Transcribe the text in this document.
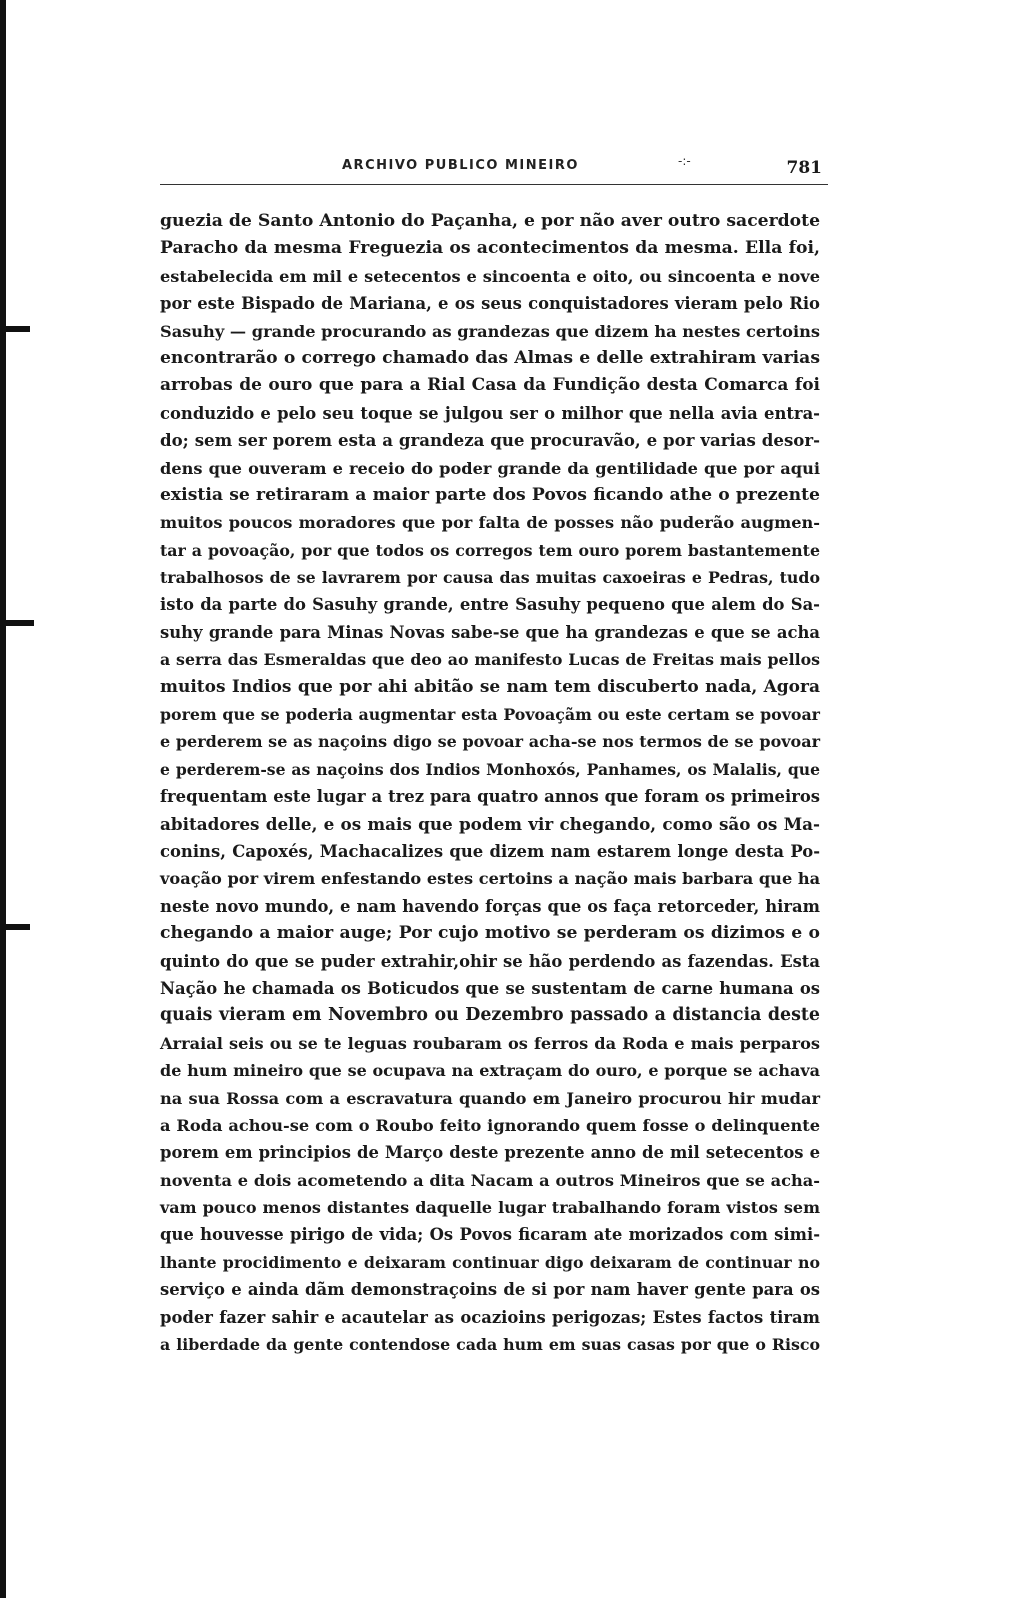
ARCHIVO PUBLICO MINEIRO	-:-	781
guezia de Santo Antonio do Paçanha, e por não aver outro sacerdote
Paracho da mesma Freguezia os acontecimentos da mesma. Ella foi,
estabelecida em mil e setecentos e sincoenta e oito, ou sincoenta e nove
por este Bispado de Mariana, e os seus conquistadores vieram pelo Rio
Sasuhy — grande procurando as grandezas que dizem ha nestes certoins
encontrarão o corrego chamado das Almas e delle extrahiram varias
arrobas de ouro que para a Rial Casa da Fundição desta Comarca foi
conduzido e pelo seu toque se julgou ser o milhor que nella avia entra-
do; sem ser porem esta a grandeza que procuravão, e por varias desor-
dens que ouveram e receio do poder grande da gentilidade que por aqui
existia se retiraram a maior parte dos Povos ficando athe o prezente
muitos poucos moradores que por falta de posses não puderão augmen-
tar a povoação, por que todos os corregos tem ouro porem bastantemente
trabalhosos de se lavrarem por causa das muitas caxoeiras e Pedras, tudo
isto da parte do Sasuhy grande, entre Sasuhy pequeno que alem do Sa-
suhy grande para Minas Novas sabe-se que ha grandezas e que se acha
a serra das Esmeraldas que deo ao manifesto Lucas de Freitas mais pellos
muitos Indios que por ahi abitão se nam tem discuberto nada, Agora
porem que se poderia augmentar esta Povoaçãm ou este certam se povoar
e perderem se as naçoins digo se povoar acha-se nos termos de se povoar
e perderem-se as naçoins dos Indios Monhoxós, Panhames, os Malalis, que
frequentam este lugar a trez para quatro annos que foram os primeiros
abitadores delle, e os mais que podem vir chegando, como são os Ma-
conins, Capoxés, Machacalizes que dizem nam estarem longe desta Po-
voação por virem enfestando estes certoins a nação mais barbara que ha
neste novo mundo, e nam havendo forças que os faça retorceder, hiram
chegando a maior auge; Por cujo motivo se perderam os dizimos e o
quinto do que se puder extrahir,ohir se hão perdendo as fazendas. Esta
Nação he chamada os Boticudos que se sustentam de carne humana os
quais vieram em Novembro ou Dezembro passado a distancia deste
Arraial seis ou se te leguas roubaram os ferros da Roda e mais perparos
de hum mineiro que se ocupava na extraçam do ouro, e porque se achava
na sua Rossa com a escravatura quando em Janeiro procurou hir mudar
a Roda achou-se com o Roubo feito ignorando quem fosse o delinquente
porem em principios de Março deste prezente anno de mil setecentos e
noventa e dois acometendo a dita Nacam a outros Mineiros que se acha-
vam pouco menos distantes daquelle lugar trabalhando foram vistos sem
que houvesse pirigo de vida; Os Povos ficaram ate morizados com simi-
lhante procidimento e deixaram continuar digo deixaram de continuar no
serviço e ainda dãm demonstraçoins de si por nam haver gente para os
poder fazer sahir e acautelar as ocazioins perigozas; Estes factos tiram
a liberdade da gente contendose cada hum em suas casas por que o Risco
